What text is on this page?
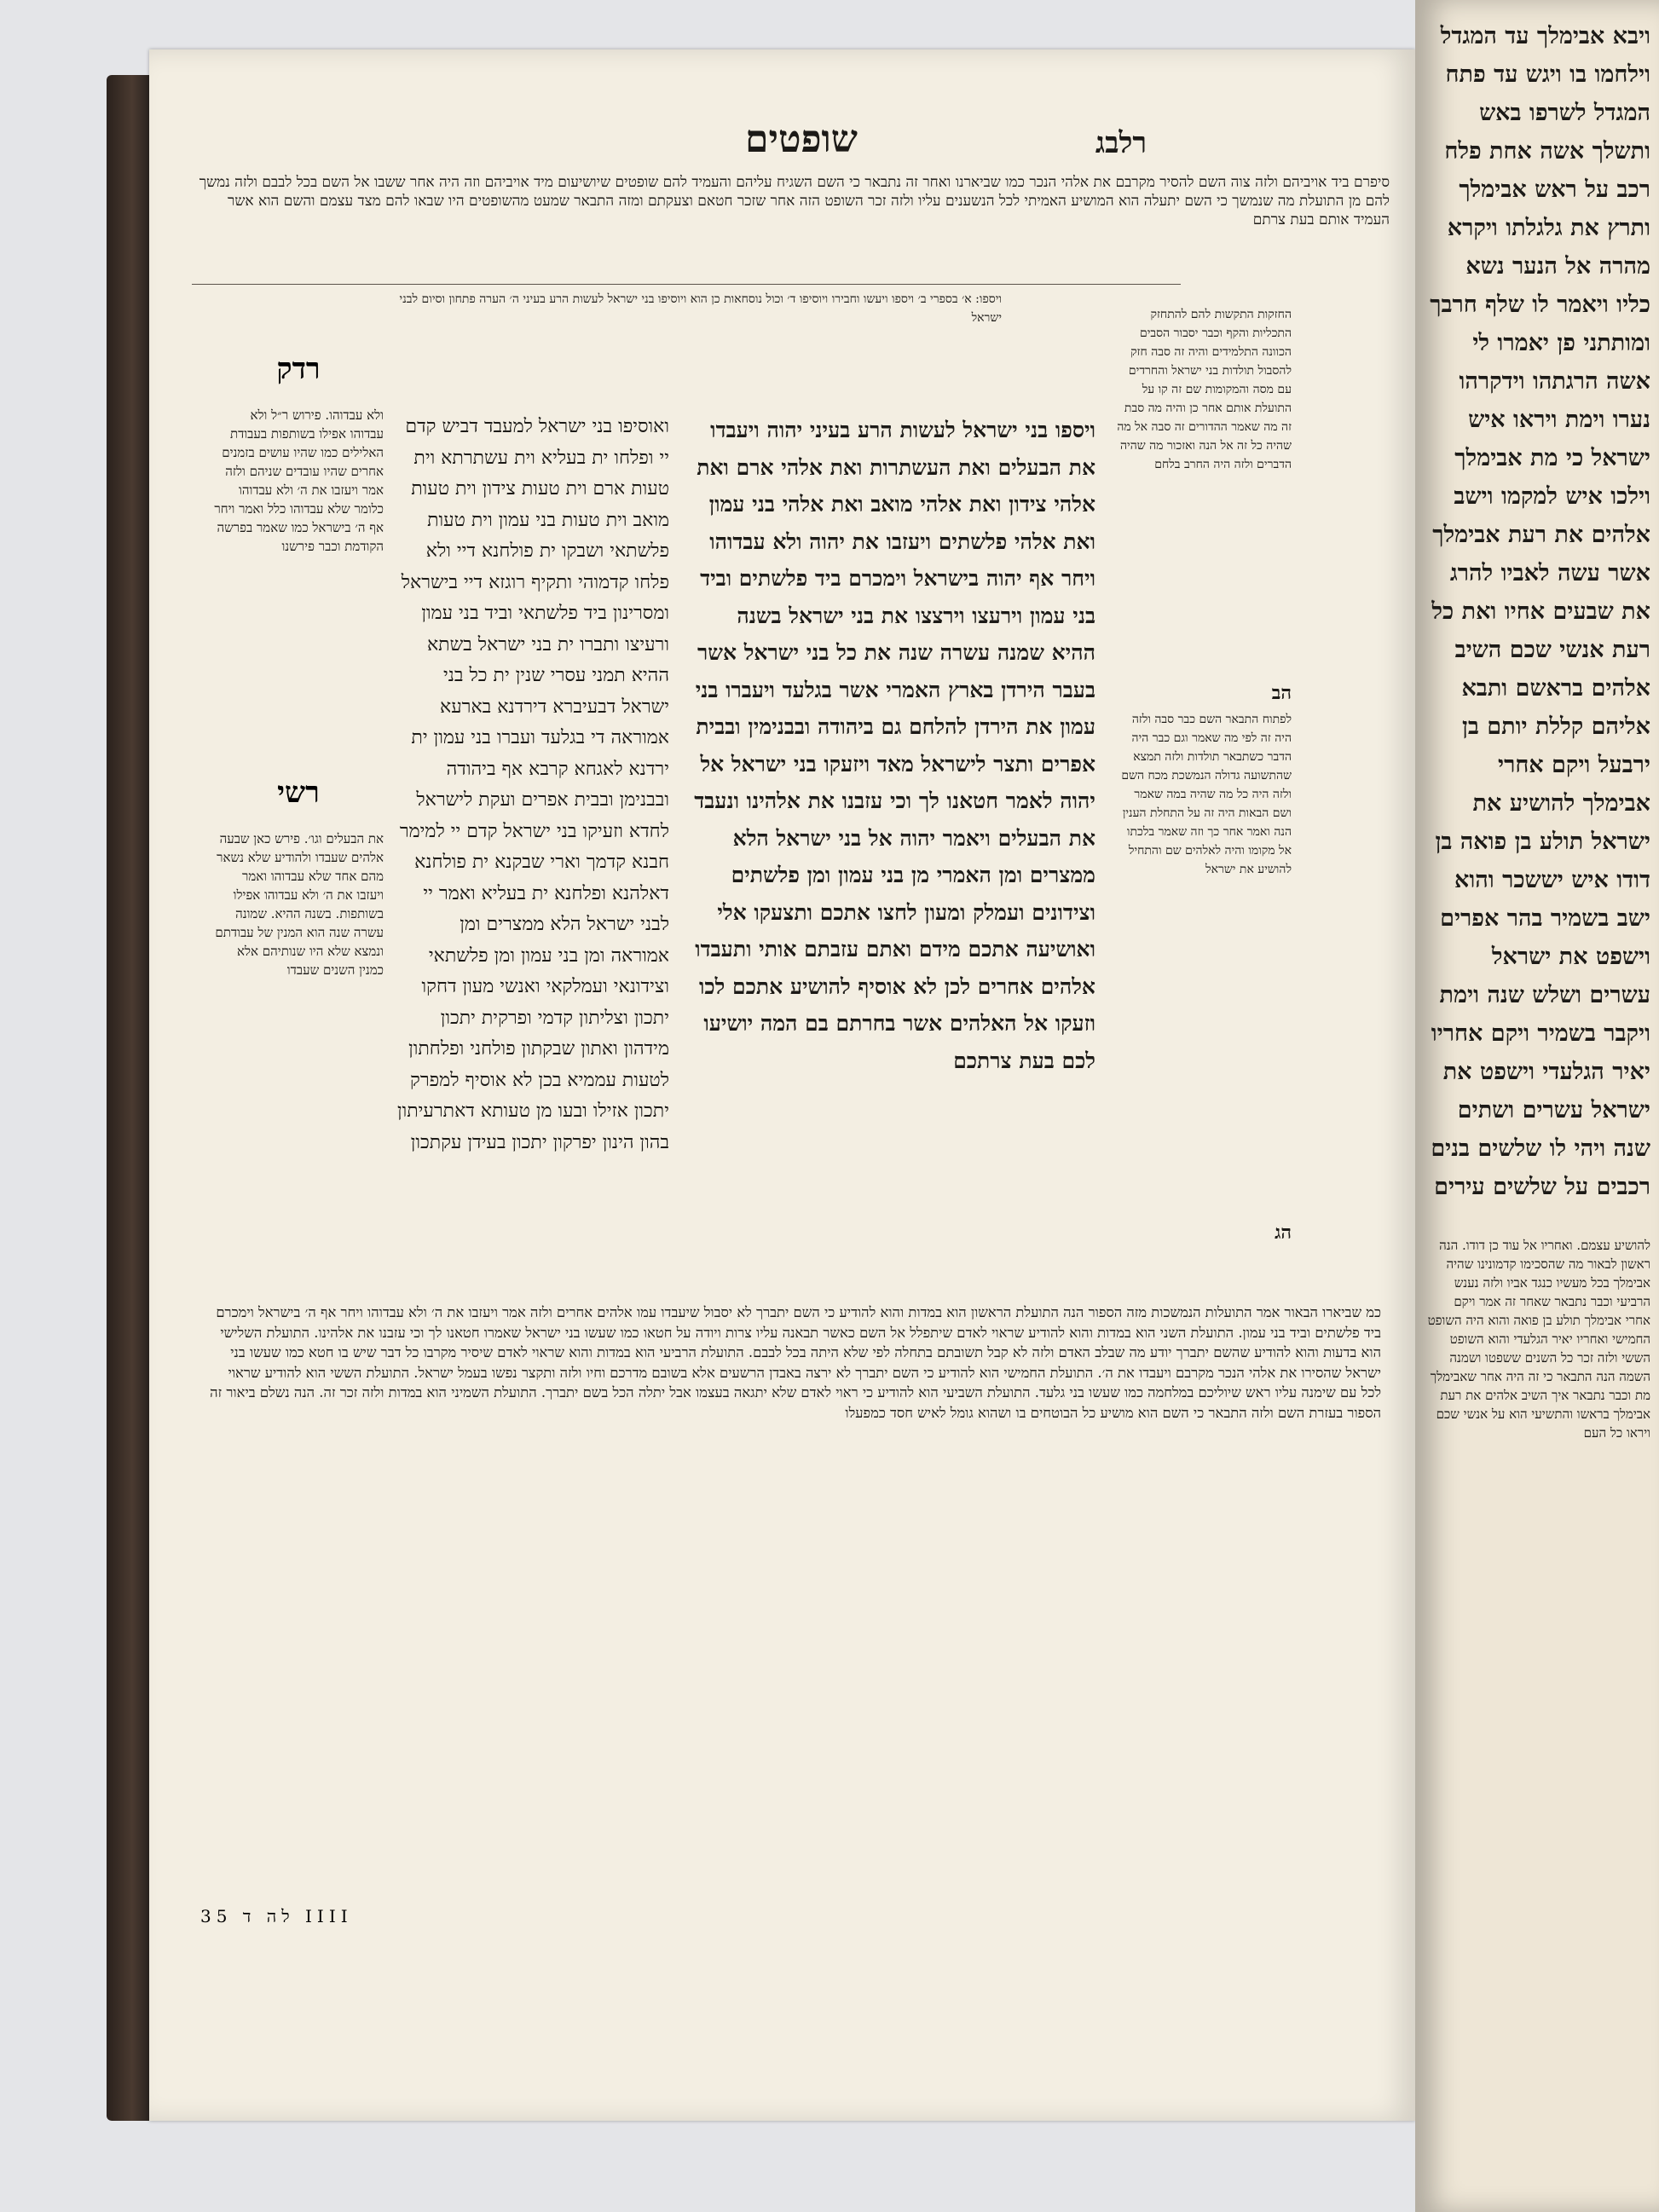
שופטים	רלבג
סיפרם ביד אויביהם ולזה צוה השם להסיר מקרבם את אלהי הנכר כמו שביארנו ואחר זה נתבאר כי השם השגיח עליהם והעמיד להם שופטים שיושיעום מיד אויביהם וזה היה אחר ששבו אל השם בכל לבבם ולזה נמשך להם מן התועלת מה שנמשך כי השם יתעלה הוא המושיע האמיתי לכל הנשענים עליו ולזה זכר השופט הזה אחר שזכר חטאם וצעקתם ומזה התבאר שמעט מהשופטים היו שבאו להם מצד עצמם והשם הוא אשר העמיד אותם בעת צרתם
ויספו: א׳ בספרי ב׳ ויספו ויעשו וחבירו ויוסיפו ד׳ וכול נוסחאות כן הוא ויוסיפו בני ישראל לעשות הרע בעיני ה׳ הערה פתחון וסיום לבני ישראל
רדק
ולא עבדוהו. פירוש ר״ל ולא עבדוהו אפילו בשותפות בעבודת האלילים כמו שהיו עושים בזמנים אחרים שהיו עובדים שניהם ולזה אמר ויעזבו את ה׳ ולא עבדוהו כלומר שלא עבדוהו כלל ואמר ויחר אף ה׳ בישראל כמו שאמר בפרשה הקודמת וכבר פירשנו
רשי
את הבעלים וגו׳. פירש כאן שבעה אלהים שעבדו ולהודיע שלא נשאר מהם אחד שלא עבדוהו ואמר ויעזבו את ה׳ ולא עבדוהו אפילו בשותפות. בשנה ההיא. שמונה עשרה שנה הוא המנין של עבודתם ונמצא שלא היו שנותיהם אלא כמנין השנים שעבדו
ואוסיפו בני ישראל למעבד דביש קדם יי ופלחו ית בעליא וית עשתרתא וית טעות ארם וית טעות צידון וית טעות מואב וית טעות בני עמון וית טעות פלשתאי ושבקו ית פולחנא דיי ולא פלחו קדמוהי ותקיף רוגזא דיי בישראל ומסרינון ביד פלשתאי וביד בני עמון ורעיצו ותברו ית בני ישראל בשתא ההיא תמני עסרי שנין ית כל בני ישראל דבעיברא דירדנא בארעא אמוראה די בגלעד ועברו בני עמון ית ירדנא לאגחא קרבא אף ביהודה ובבנימן ובבית אפרים ועקת לישראל לחדא וזעיקו בני ישראל קדם יי למימר חבנא קדמך וארי שבקנא ית פולחנא דאלהנא ופלחנא ית בעליא ואמר יי לבני ישראל הלא ממצרים ומן אמוראה ומן בני עמון ומן פלשתאי וצידונאי ועמלקאי ואנשי מעון דחקו יתכון וצליתון קדמי ופרקית יתכון מידהון ואתון שבקתון פולחני ופלחתון לטעות עממיא בכן לא אוסיף למפרק יתכון אזילו ובעו מן טעותא דאתרעיתון בהון הינון יפרקון יתכון בעידן עקתכון
ויספו בני ישראל לעשות הרע בעיני יהוה ויעבדו את הבעלים ואת העשתרות ואת אלהי ארם ואת אלהי צידון ואת אלהי מואב ואת אלהי בני עמון ואת אלהי פלשתים ויעזבו את יהוה ולא עבדוהו ויחר אף יהוה בישראל וימכרם ביד פלשתים וביד בני עמון וירעצו וירצצו את בני ישראל בשנה ההיא שמנה עשרה שנה את כל בני ישראל אשר בעבר הירדן בארץ האמרי אשר בגלעד ויעברו בני עמון את הירדן להלחם גם ביהודה ובבנימין ובבית אפרים ותצר לישראל מאד ויזעקו בני ישראל אל יהוה לאמר חטאנו לך וכי עזבנו את אלהינו ונעבד את הבעלים ויאמר יהוה אל בני ישראל הלא ממצרים ומן האמרי מן בני עמון ומן פלשתים וצידונים ועמלק ומעון לחצו אתכם ותצעקו אלי ואושיעה אתכם מידם ואתם עזבתם אותי ותעבדו אלהים אחרים לכן לא אוסיף להושיע אתכם לכו וזעקו אל האלהים אשר בחרתם בם המה יושיעו לכם בעת צרתכם
החזקות התקשות להם להתחזק התכליות והקף וכבר יסבור הסבים הכוונה התלמידים והיה זה סבה חזק להסבול תולדות בני ישראל והחרדים עם מסה והמקומות שם זה קו על התועלת אותם אחר כן והיה מה סבת זה מה שאמר ההדורים זה סבה אל מה שהיה כל זה אל הנה ואזכור מה שהיה הדברים ולזה היה החרב בלחם
הב
לפתוח התבאר השם כבר סבה ולזה היה זה לפי מה שאמר וגם כבר היה הדבר כשתבאר תולדות ולזה תמצא שהתשועה גדולה הנמשכת מכח השם ולזה היה כל מה שהיה במה שאמר ושם הבאות היה זה על התחלת הענין הנה ואמר אחר כך וזה שאמר בלכתו אל מקומו והיה לאלהים שם והתחיל להושיע את ישראל
הג
כמ שביארו הבאור אמר התועלות הנמשכות מזה הספור הנה התועלת הראשון הוא במדות והוא להודיע כי השם יתברך לא יסבול שיעבדו עמו אלהים אחרים ולזה אמר ויעזבו את ה׳ ולא עבדוהו ויחר אף ה׳ בישראל וימכרם ביד פלשתים וביד בני עמון. התועלת השני הוא במדות והוא להודיע שראוי לאדם שיתפלל אל השם כאשר תבאנה עליו צרות ויודה על חטאו כמו שעשו בני ישראל שאמרו חטאנו לך וכי עזבנו את אלהינו. התועלת השלישי הוא בדעות והוא להודיע שהשם יתברך יודע מה שבלב האדם ולזה לא קבל תשובתם בתחלה לפי שלא היתה בכל לבבם. התועלת הרביעי הוא במדות והוא שראוי לאדם שיסיר מקרבו כל דבר שיש בו חטא כמו שעשו בני ישראל שהסירו את אלהי הנכר מקרבם ויעבדו את ה׳. התועלת החמישי הוא להודיע כי השם יתברך לא ירצה באבדן הרשעים אלא בשובם מדרכם וחיו ולזה ותקצר נפשו בעמל ישראל. התועלת הששי הוא להודיע שראוי לכל עם שימנה עליו ראש שיוליכם במלחמה כמו שעשו בני גלעד. התועלת השביעי הוא להודיע כי ראוי לאדם שלא יתגאה בעצמו אבל יתלה הכל בשם יתברך. התועלת השמיני הוא במדות ולזה זכר זה. הנה נשלם ביאור זה הספור בעזרת השם ולזה התבאר כי השם הוא מושיע כל הבוטחים בו ושהוא גומל לאיש חסד כמפעלו
לה ד 35 IIII
ויבא אבימלך עד המגדל וילחמו בו ויגש עד פתח המגדל לשרפו באש ותשלך אשה אחת פלח רכב על ראש אבימלך ותרץ את גלגלתו ויקרא מהרה אל הנער נשא כליו ויאמר לו שלף חרבך ומותתני פן יאמרו לי אשה הרגתהו וידקרהו נערו וימת ויראו איש ישראל כי מת אבימלך וילכו איש למקמו וישב אלהים את רעת אבימלך אשר עשה לאביו להרג את שבעים אחיו ואת כל רעת אנשי שכם השיב אלהים בראשם ותבא אליהם קללת יותם בן ירבעל ויקם אחרי אבימלך להושיע את ישראל תולע בן פואה בן דודו איש יששכר והוא ישב בשמיר בהר אפרים וישפט את ישראל עשרים ושלש שנה וימת ויקבר בשמיר ויקם אחריו יאיר הגלעדי וישפט את ישראל עשרים ושתים שנה ויהי לו שלשים בנים רכבים על שלשים עירים
להושיע עצמם. ואחריו אל עוד כן דודו. הנה ראשון לבאור מה שהסכימו קדמונינו שהיה אבימלך בכל מעשיו כנגד אביו ולזה נענש הרביעי וכבר נתבאר שאחר זה אמר ויקם אחרי אבימלך תולע בן פואה והוא היה השופט החמישי ואחריו יאיר הגלעדי והוא השופט הששי ולזה זכר כל השנים ששפטו ושמנה השמה הנה התבאר כי זה היה אחר שאבימלך מת וכבר נתבאר איך השיב אלהים את רעת אבימלך בראשו והתשיעי הוא על אנשי שכם ויראו כל העם
